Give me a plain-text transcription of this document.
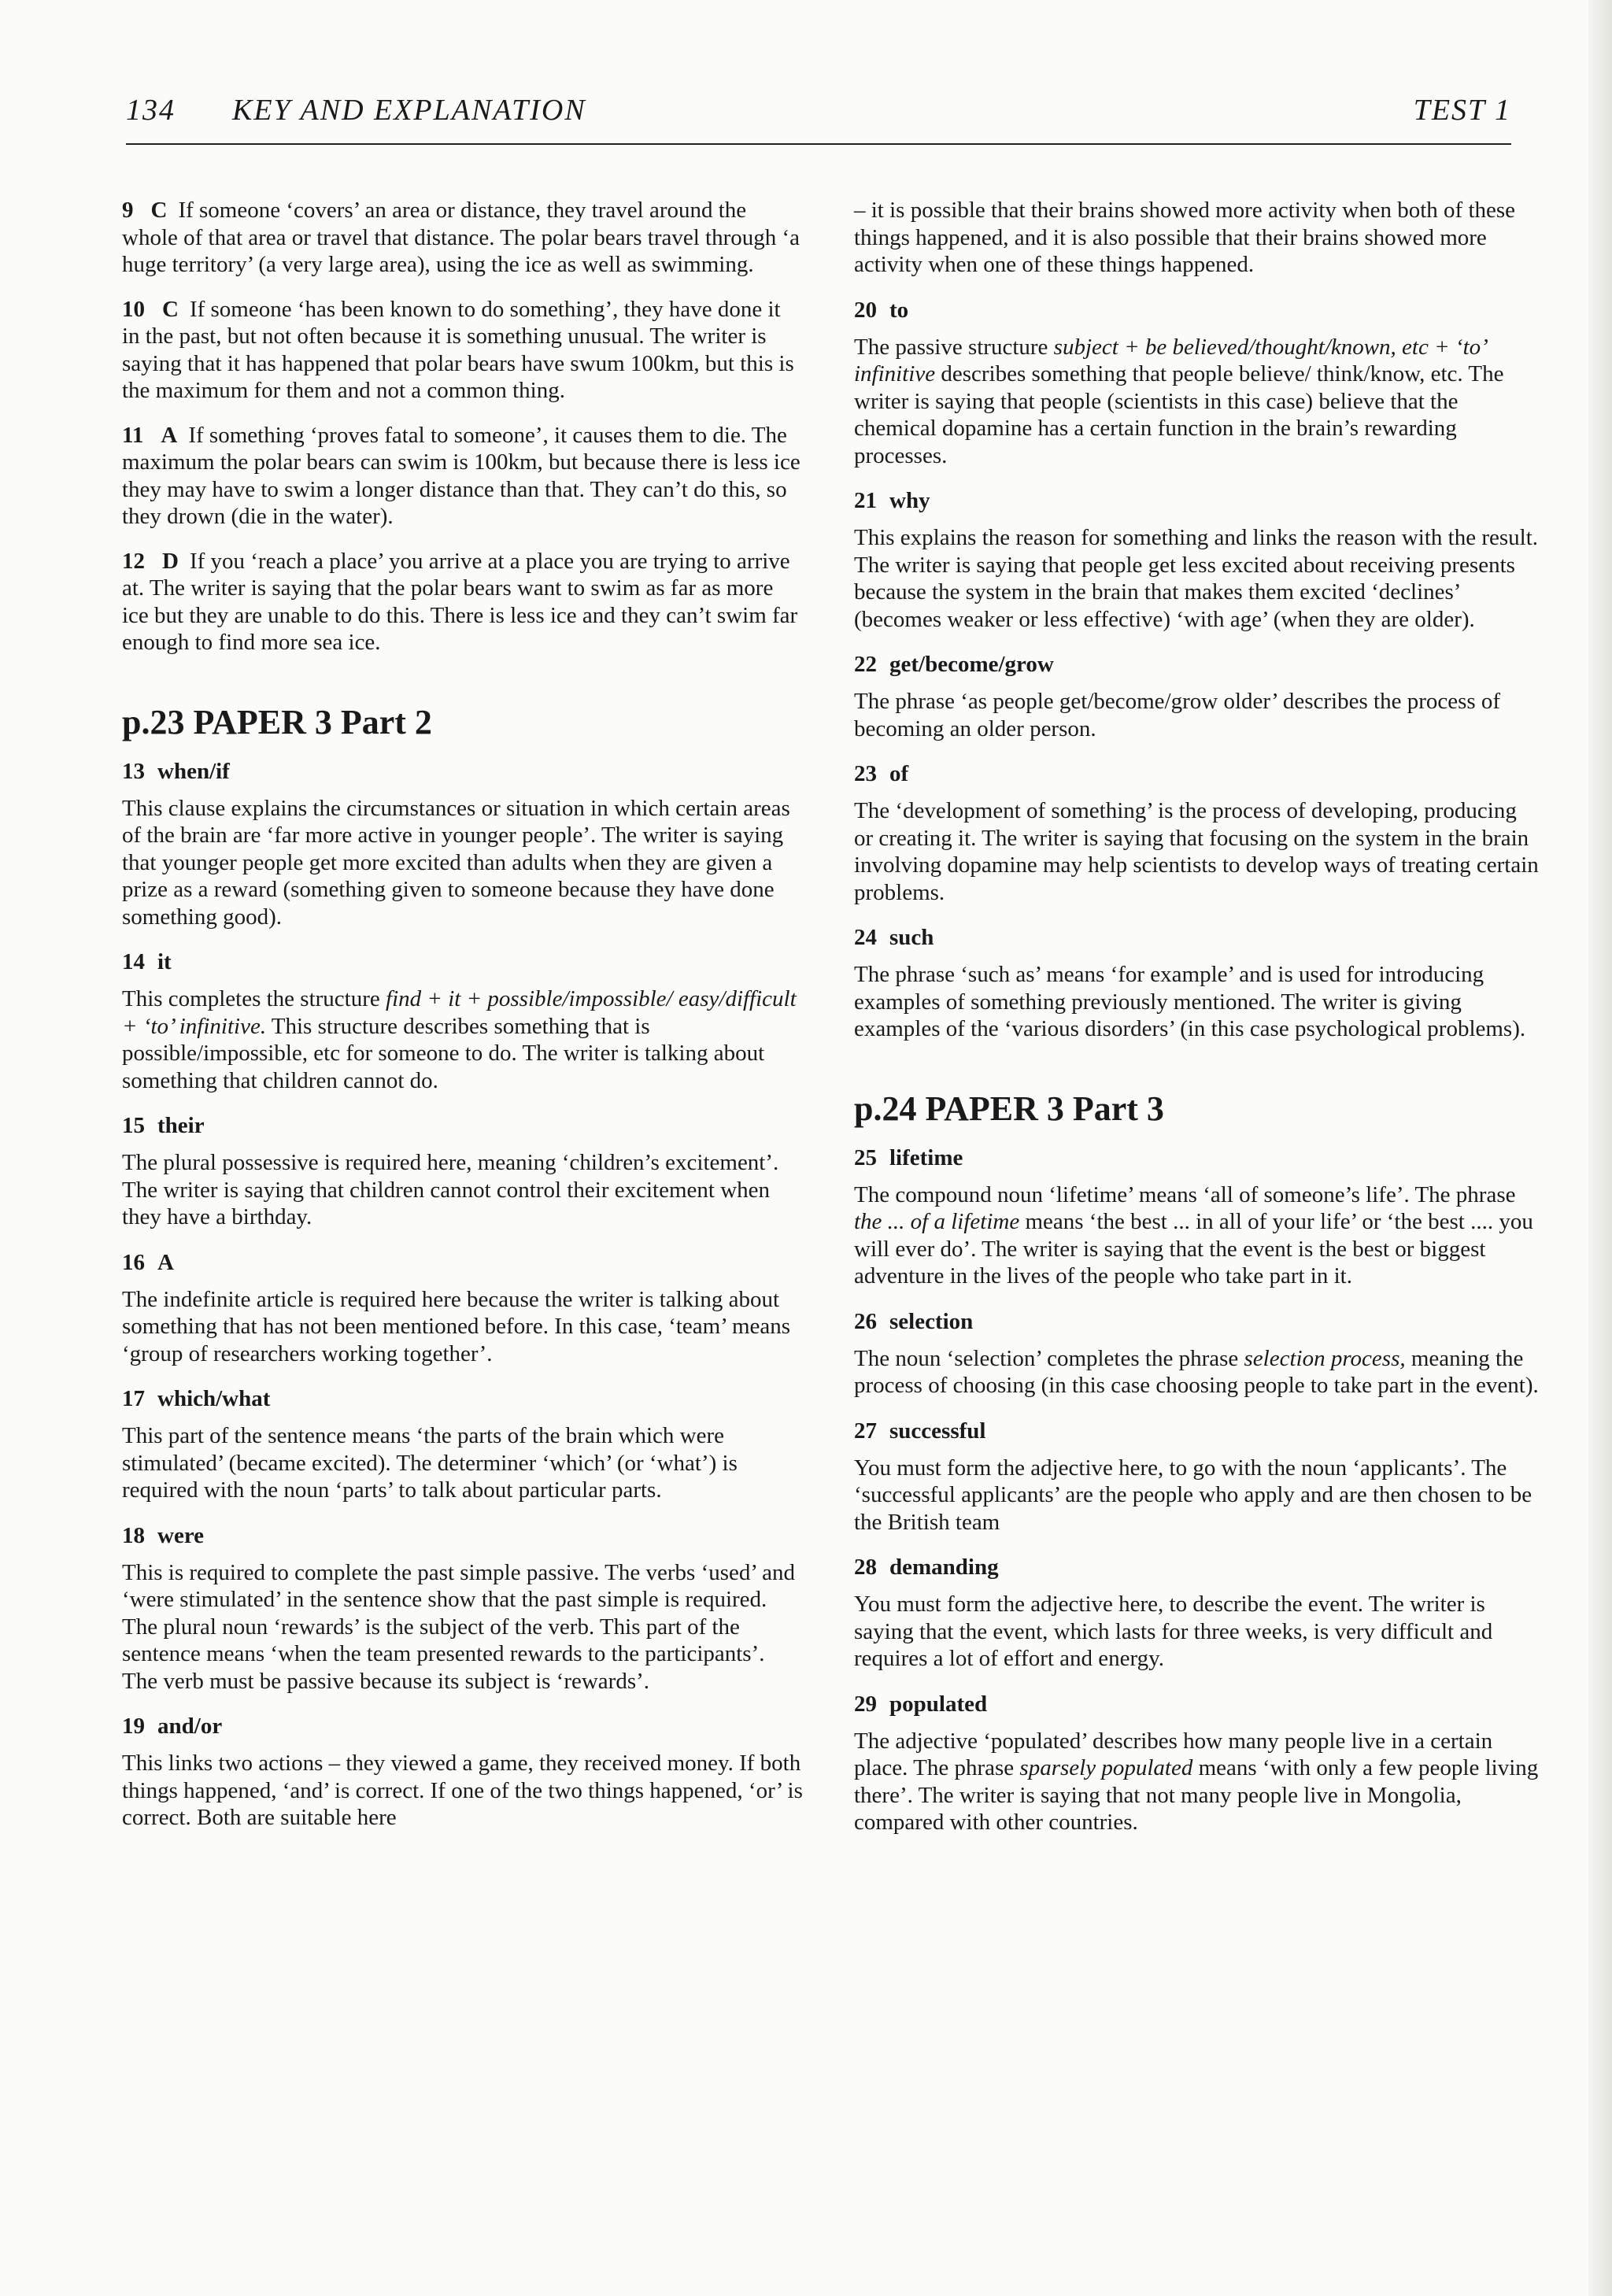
134 KEY AND EXPLANATION	TEST 1

9 C If someone ‘covers’ an area or distance, they travel around the whole of that area or travel that distance. The polar bears travel through ‘a huge territory’ (a very large area), using the ice as well as swimming.

10 C If someone ‘has been known to do something’, they have done it in the past, but not often because it is something unusual. The writer is saying that it has happened that polar bears have swum 100km, but this is the maximum for them and not a common thing.

11 A If something ‘proves fatal to someone’, it causes them to die. The maximum the polar bears can swim is 100km, but because there is less ice they may have to swim a longer distance than that. They can’t do this, so they drown (die in the water).

12 D If you ‘reach a place’ you arrive at a place you are trying to arrive at. The writer is saying that the polar bears want to swim as far as more ice but they are unable to do this. There is less ice and they can’t swim far enough to find more sea ice.

p.23 PAPER 3 Part 2
13 when/if

This clause explains the circumstances or situation in which certain areas of the brain are ‘far more active in younger people’. The writer is saying that younger people get more excited than adults when they are given a prize as a reward (something given to someone because they have done something good).

14 it

This completes the structure find + it + possible/impossible/ easy/difficult + ‘to’ infinitive. This structure describes something that is possible/impossible, etc for someone to do. The writer is talking about something that children cannot do.

15 their

The plural possessive is required here, meaning ‘children’s excitement’. The writer is saying that children cannot control their excitement when they have a birthday.

16 A

The indefinite article is required here because the writer is talking about something that has not been mentioned before. In this case, ‘team’ means ‘group of researchers working together’.

17 which/what

This part of the sentence means ‘the parts of the brain which were stimulated’ (became excited). The determiner ‘which’ (or ‘what’) is required with the noun ‘parts’ to talk about particular parts.

18 were

This is required to complete the past simple passive. The verbs ‘used’ and ‘were stimulated’ in the sentence show that the past simple is required. The plural noun ‘rewards’ is the subject of the verb. This part of the sentence means ‘when the team presented rewards to the participants’. The verb must be passive because its subject is ‘rewards’.

19 and/or

This links two actions – they viewed a game, they received money. If both things happened, ‘and’ is correct. If one of the two things happened, ‘or’ is correct. Both are suitable here

– it is possible that their brains showed more activity when both of these things happened, and it is also possible that their brains showed more activity when one of these things happened.

20 to

The passive structure subject + be believed/thought/known, etc + ‘to’ infinitive describes something that people believe/ think/know, etc. The writer is saying that people (scientists in this case) believe that the chemical dopamine has a certain function in the brain’s rewarding processes.

21 why

This explains the reason for something and links the reason with the result. The writer is saying that people get less excited about receiving presents because the system in the brain that makes them excited ‘declines’ (becomes weaker or less effective) ‘with age’ (when they are older).

22 get/become/grow

The phrase ‘as people get/become/grow older’ describes the process of becoming an older person.

23 of

The ‘development of something’ is the process of developing, producing or creating it. The writer is saying that focusing on the system in the brain involving dopamine may help scientists to develop ways of treating certain problems.

24 such

The phrase ‘such as’ means ‘for example’ and is used for introducing examples of something previously mentioned. The writer is giving examples of the ‘various disorders’ (in this case psychological problems).

p.24 PAPER 3 Part 3
25 lifetime

The compound noun ‘lifetime’ means ‘all of someone’s life’. The phrase the ... of a lifetime means ‘the best ... in all of your life’ or ‘the best .... you will ever do’. The writer is saying that the event is the best or biggest adventure in the lives of the people who take part in it.

26 selection

The noun ‘selection’ completes the phrase selection process, meaning the process of choosing (in this case choosing people to take part in the event).

27 successful

You must form the adjective here, to go with the noun ‘applicants’. The ‘successful applicants’ are the people who apply and are then chosen to be the British team

28 demanding

You must form the adjective here, to describe the event. The writer is saying that the event, which lasts for three weeks, is very difficult and requires a lot of effort and energy.

29 populated

The adjective ‘populated’ describes how many people live in a certain place. The phrase sparsely populated means ‘with only a few people living there’. The writer is saying that not many people live in Mongolia, compared with other countries.
